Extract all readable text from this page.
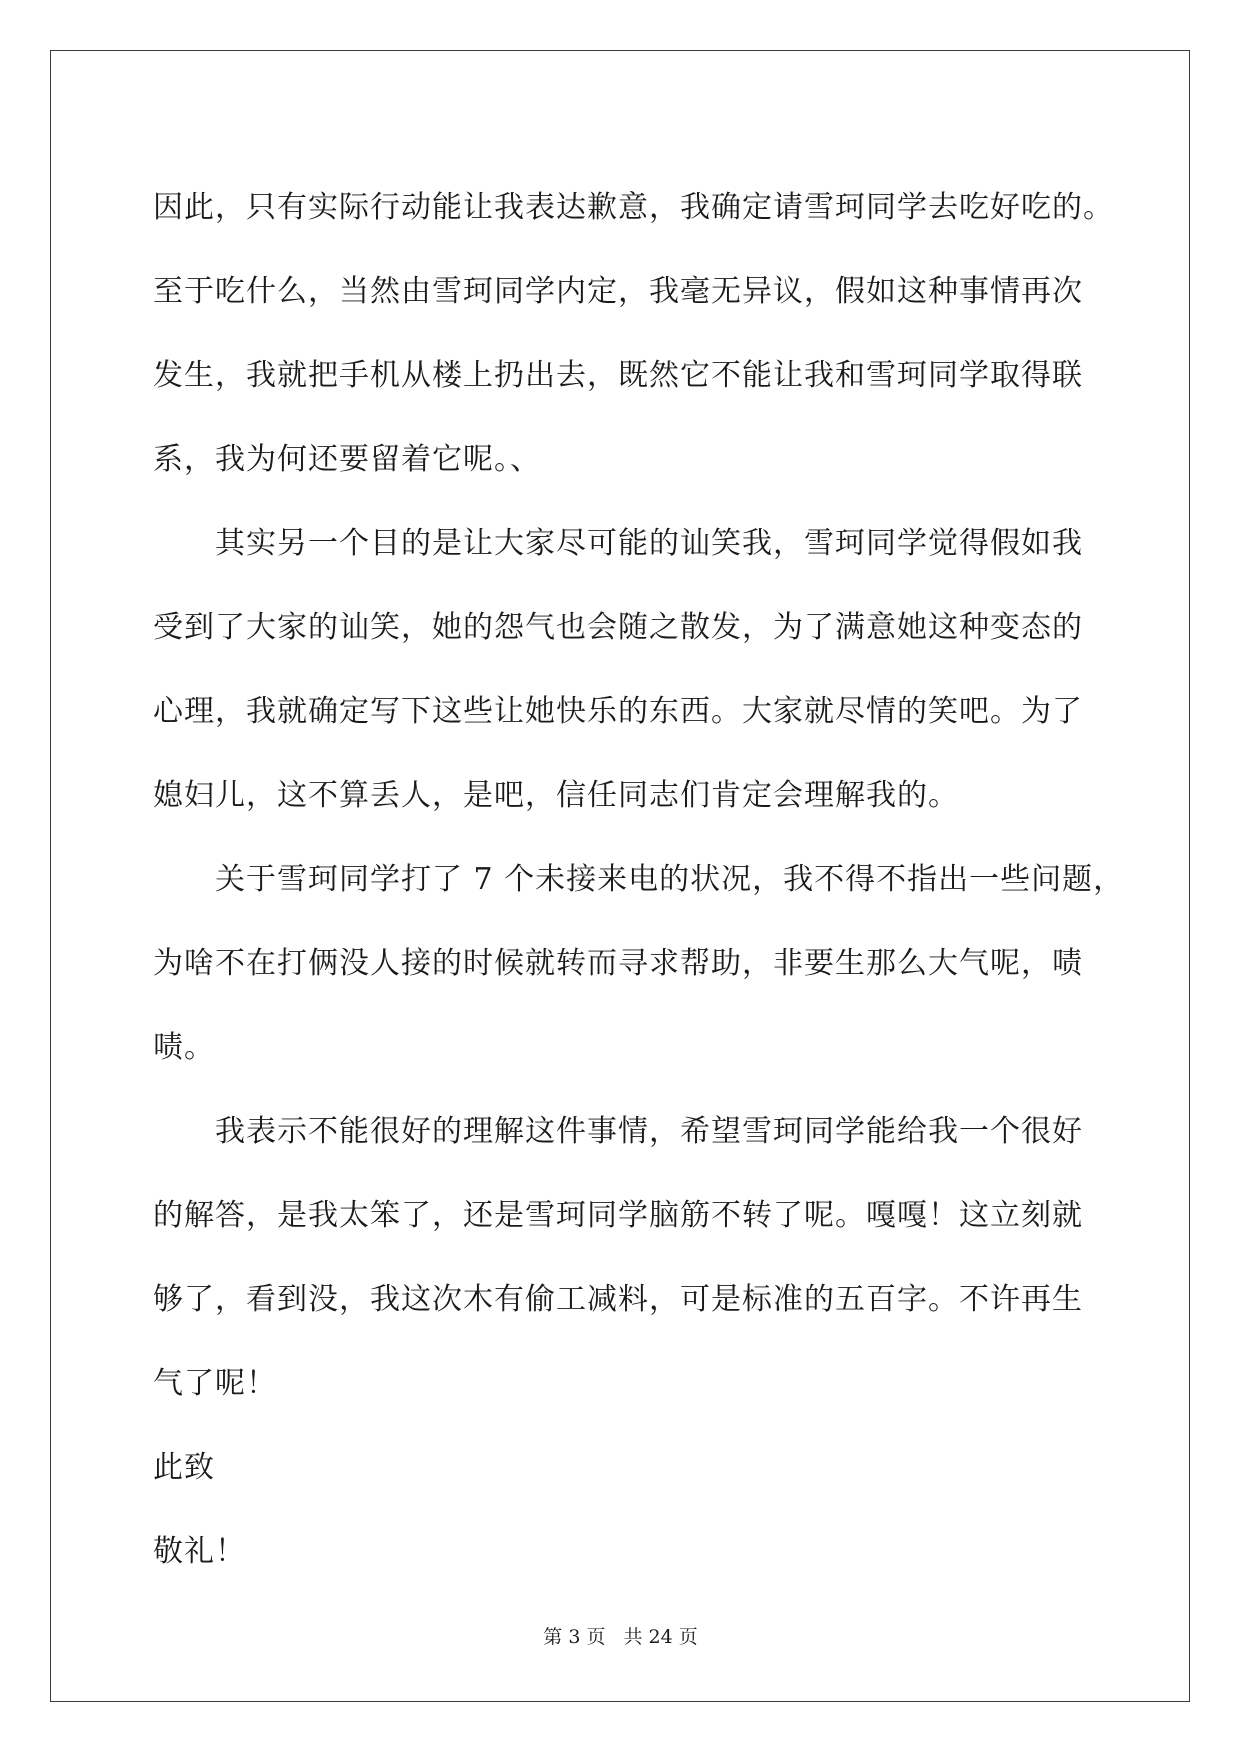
因此，只有实际行动能让我表达歉意，我确定请雪珂同学去吃好吃的。
至于吃什么，当然由雪珂同学内定，我毫无异议，假如这种事情再次
发生，我就把手机从楼上扔出去，既然它不能让我和雪珂同学取得联
系，我为何还要留着它呢。、
其实另一个目的是让大家尽可能的讪笑我，雪珂同学觉得假如我
受到了大家的讪笑，她的怨气也会随之散发，为了满意她这种变态的
心理，我就确定写下这些让她快乐的东西。大家就尽情的笑吧。为了
媳妇儿，这不算丢人，是吧，信任同志们肯定会理解我的。
关于雪珂同学打了 7 个未接来电的状况，我不得不指出一些问题，
为啥不在打俩没人接的时候就转而寻求帮助，非要生那么大气呢，啧
啧。
我表示不能很好的理解这件事情，希望雪珂同学能给我一个很好
的解答，是我太笨了，还是雪珂同学脑筋不转了呢。嘎嘎！这立刻就
够了，看到没，我这次木有偷工减料，可是标准的五百字。不许再生
气了呢！
此致
敬礼！
第 3 页 共 24 页
